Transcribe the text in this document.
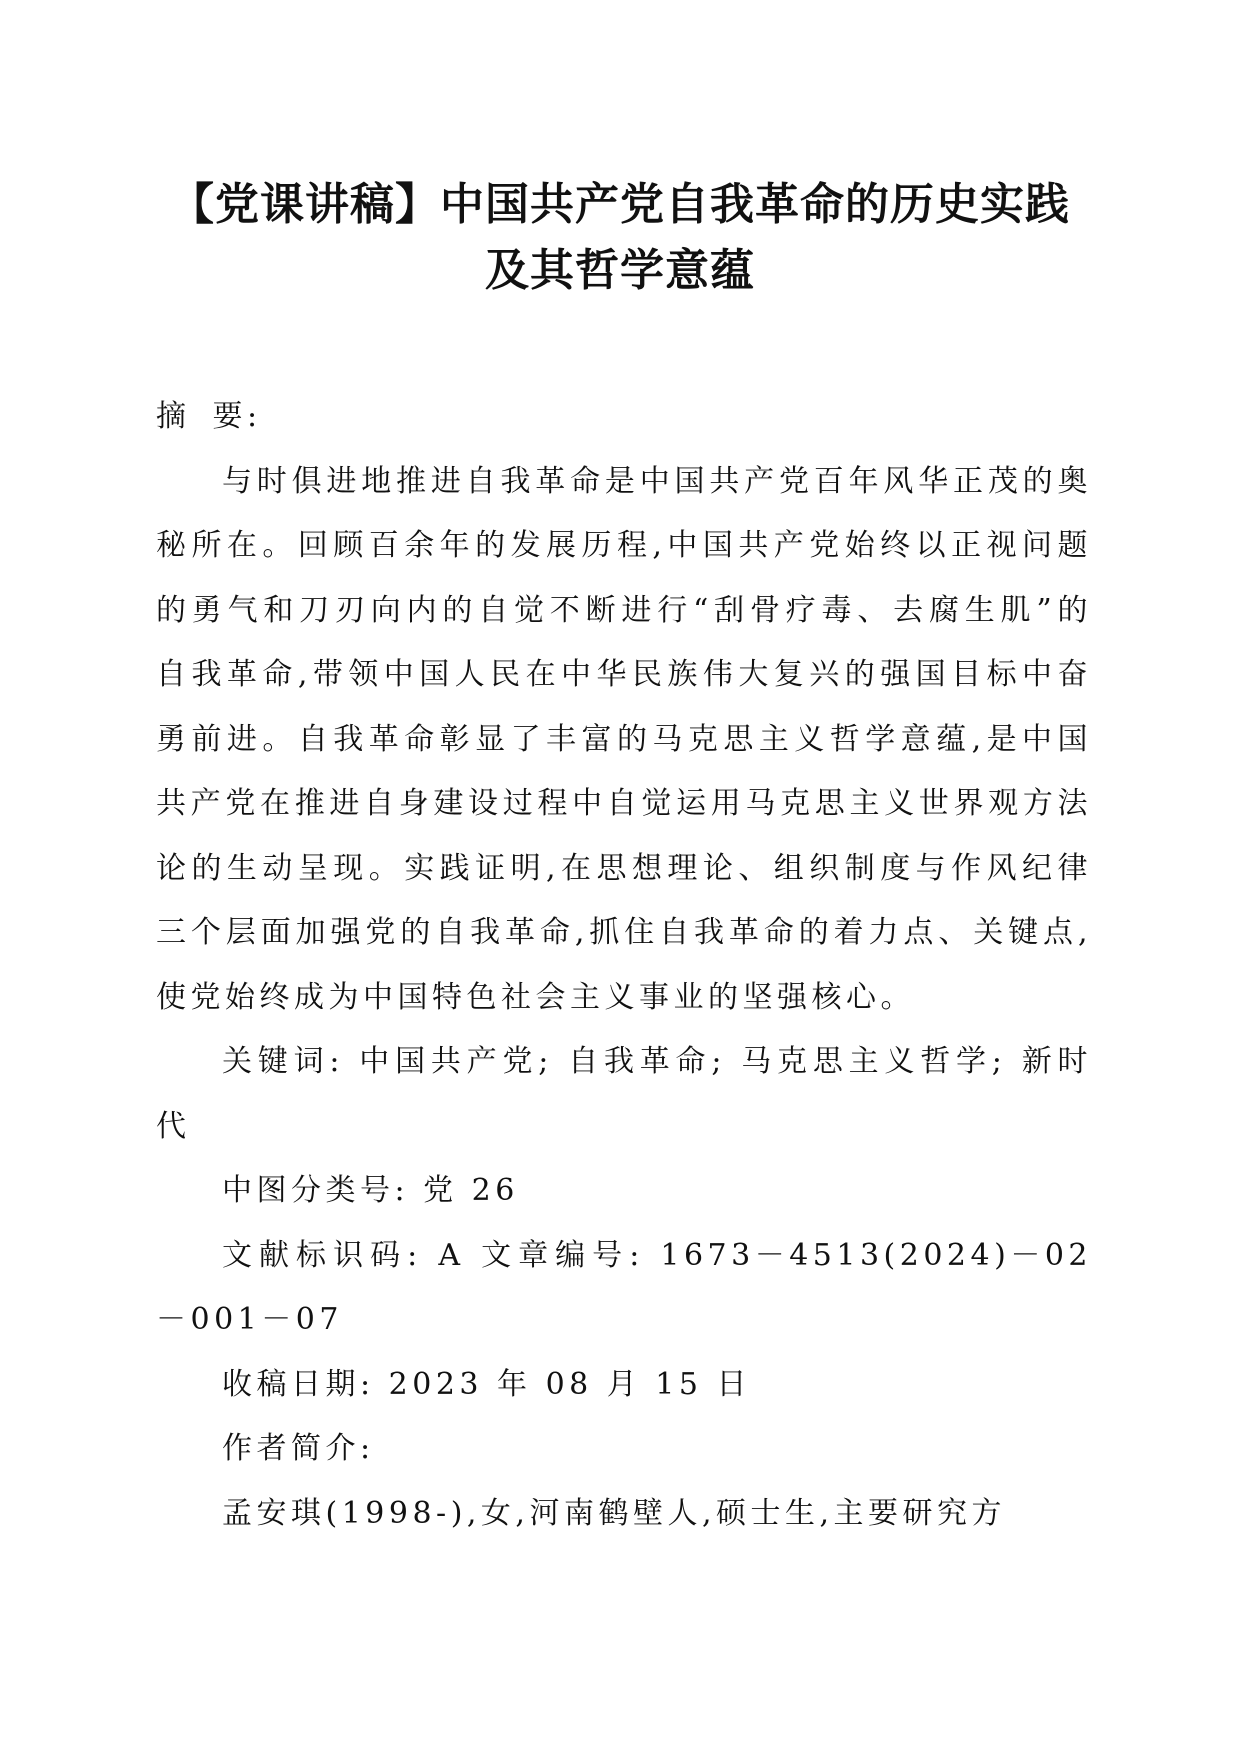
【党课讲稿】中国共产党自我革命的历史实践
及其哲学意蕴

摘 要:

与时俱进地推进自我革命是中国共产党百年风华正茂的奥秘所在。回顾百余年的发展历程,中国共产党始终以正视问题的勇气和刀刃向内的自觉不断进行“刮骨疗毒、去腐生肌”的自我革命,带领中国人民在中华民族伟大复兴的强国目标中奋勇前进。自我革命彰显了丰富的马克思主义哲学意蕴,是中国共产党在推进自身建设过程中自觉运用马克思主义世界观方法论的生动呈现。实践证明,在思想理论、组织制度与作风纪律三个层面加强党的自我革命,抓住自我革命的着力点、关键点,使党始终成为中国特色社会主义事业的坚强核心。

关键词: 中国共产党; 自我革命; 马克思主义哲学; 新时代

中图分类号: 党 26

文献标识码: A 文章编号: 1673－4513(2024)－02－001－07

收稿日期: 2023 年 08 月 15 日

作者简介:

孟安琪(1998-),女,河南鹤壁人,硕士生,主要研究方
